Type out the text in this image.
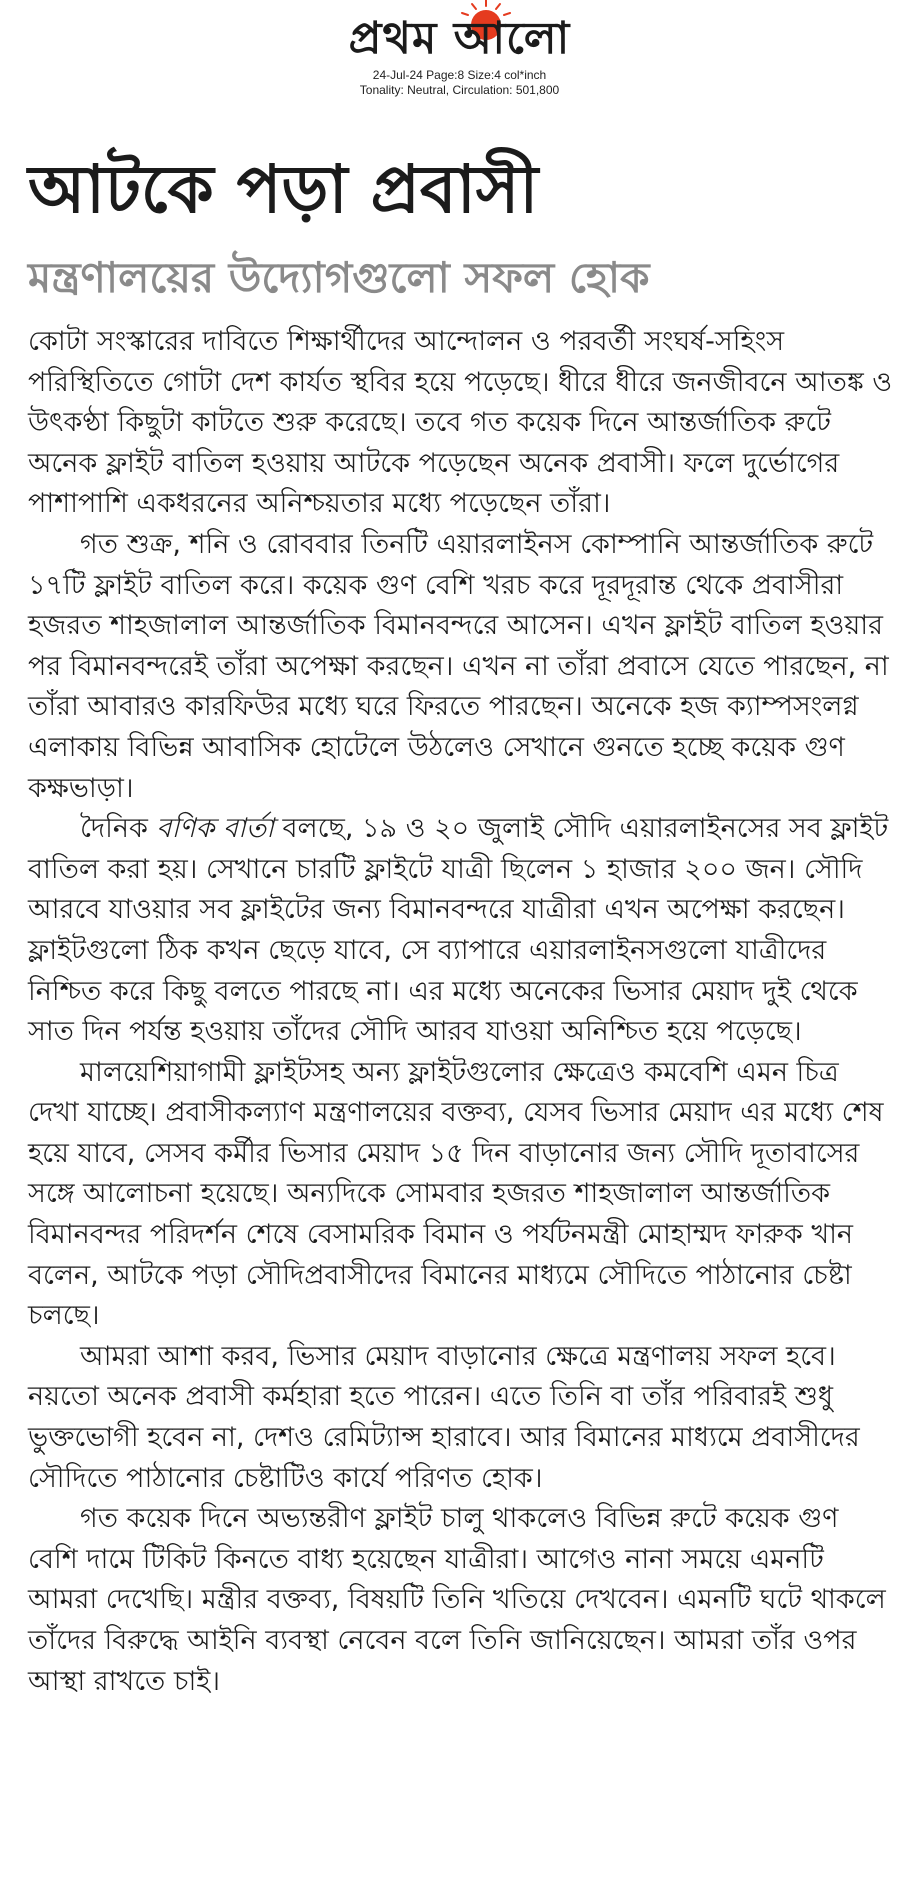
প্রথম আলো
24-Jul-24 Page:8 Size:4 col*inch
Tonality: Neutral, Circulation: 501,800
আটকে পড়া প্রবাসী
মন্ত্রণালয়ের উদ্যোগগুলো সফল হোক

কোটা সংস্কারের দাবিতে শিক্ষার্থীদের আন্দোলন ও পরবর্তী সংঘর্ষ-সহিংস পরিস্থিতিতে গোটা দেশ কার্যত স্থবির হয়ে পড়েছে। ধীরে ধীরে জনজীবনে আতঙ্ক ও উৎকণ্ঠা কিছুটা কাটতে শুরু করেছে। তবে গত কয়েক দিনে আন্তর্জাতিক রুটে অনেক ফ্লাইট বাতিল হওয়ায় আটকে পড়েছেন অনেক প্রবাসী। ফলে দুর্ভোগের পাশাপাশি একধরনের অনিশ্চয়তার মধ্যে পড়েছেন তাঁরা।

গত শুক্র, শনি ও রোববার তিনটি এয়ারলাইনস কোম্পানি আন্তর্জাতিক রুটে ১৭টি ফ্লাইট বাতিল করে। কয়েক গুণ বেশি খরচ করে দূরদূরান্ত থেকে প্রবাসীরা হজরত শাহজালাল আন্তর্জাতিক বিমানবন্দরে আসেন। এখন ফ্লাইট বাতিল হওয়ার পর বিমানবন্দরেই তাঁরা অপেক্ষা করছেন। এখন না তাঁরা প্রবাসে যেতে পারছেন, না তাঁরা আবারও কারফিউর মধ্যে ঘরে ফিরতে পারছেন। অনেকে হজ ক্যাম্পসংলগ্ন এলাকায় বিভিন্ন আবাসিক হোটেলে উঠলেও সেখানে গুনতে হচ্ছে কয়েক গুণ কক্ষভাড়া।

দৈনিক বণিক বার্তা বলছে, ১৯ ও ২০ জুলাই সৌদি এয়ারলাইনসের সব ফ্লাইট বাতিল করা হয়। সেখানে চারটি ফ্লাইটে যাত্রী ছিলেন ১ হাজার ২০০ জন। সৌদি আরবে যাওয়ার সব ফ্লাইটের জন্য বিমানবন্দরে যাত্রীরা এখন অপেক্ষা করছেন। ফ্লাইটগুলো ঠিক কখন ছেড়ে যাবে, সে ব্যাপারে এয়ারলাইনসগুলো যাত্রীদের নিশ্চিত করে কিছু বলতে পারছে না। এর মধ্যে অনেকের ভিসার মেয়াদ দুই থেকে সাত দিন পর্যন্ত হওয়ায় তাঁদের সৌদি আরব যাওয়া অনিশ্চিত হয়ে পড়েছে।

মালয়েশিয়াগামী ফ্লাইটসহ অন্য ফ্লাইটগুলোর ক্ষেত্রেও কমবেশি এমন চিত্র দেখা যাচ্ছে। প্রবাসীকল্যাণ মন্ত্রণালয়ের বক্তব্য, যেসব ভিসার মেয়াদ এর মধ্যে শেষ হয়ে যাবে, সেসব কর্মীর ভিসার মেয়াদ ১৫ দিন বাড়ানোর জন্য সৌদি দূতাবাসের সঙ্গে আলোচনা হয়েছে। অন্যদিকে সোমবার হজরত শাহজালাল আন্তর্জাতিক বিমানবন্দর পরিদর্শন শেষে বেসামরিক বিমান ও পর্যটনমন্ত্রী মোহাম্মদ ফারুক খান বলেন, আটকে পড়া সৌদিপ্রবাসীদের বিমানের মাধ্যমে সৌদিতে পাঠানোর চেষ্টা চলছে।

আমরা আশা করব, ভিসার মেয়াদ বাড়ানোর ক্ষেত্রে মন্ত্রণালয় সফল হবে। নয়তো অনেক প্রবাসী কর্মহারা হতে পারেন। এতে তিনি বা তাঁর পরিবারই শুধু ভুক্তভোগী হবেন না, দেশও রেমিট্যান্স হারাবে। আর বিমানের মাধ্যমে প্রবাসীদের সৌদিতে পাঠানোর চেষ্টাটিও কার্যে পরিণত হোক।

গত কয়েক দিনে অভ্যন্তরীণ ফ্লাইট চালু থাকলেও বিভিন্ন রুটে কয়েক গুণ বেশি দামে টিকিট কিনতে বাধ্য হয়েছেন যাত্রীরা। আগেও নানা সময়ে এমনটি আমরা দেখেছি। মন্ত্রীর বক্তব্য, বিষয়টি তিনি খতিয়ে দেখবেন। এমনটি ঘটে থাকলে তাঁদের বিরুদ্ধে আইনি ব্যবস্থা নেবেন বলে তিনি জানিয়েছেন। আমরা তাঁর ওপর আস্থা রাখতে চাই।
